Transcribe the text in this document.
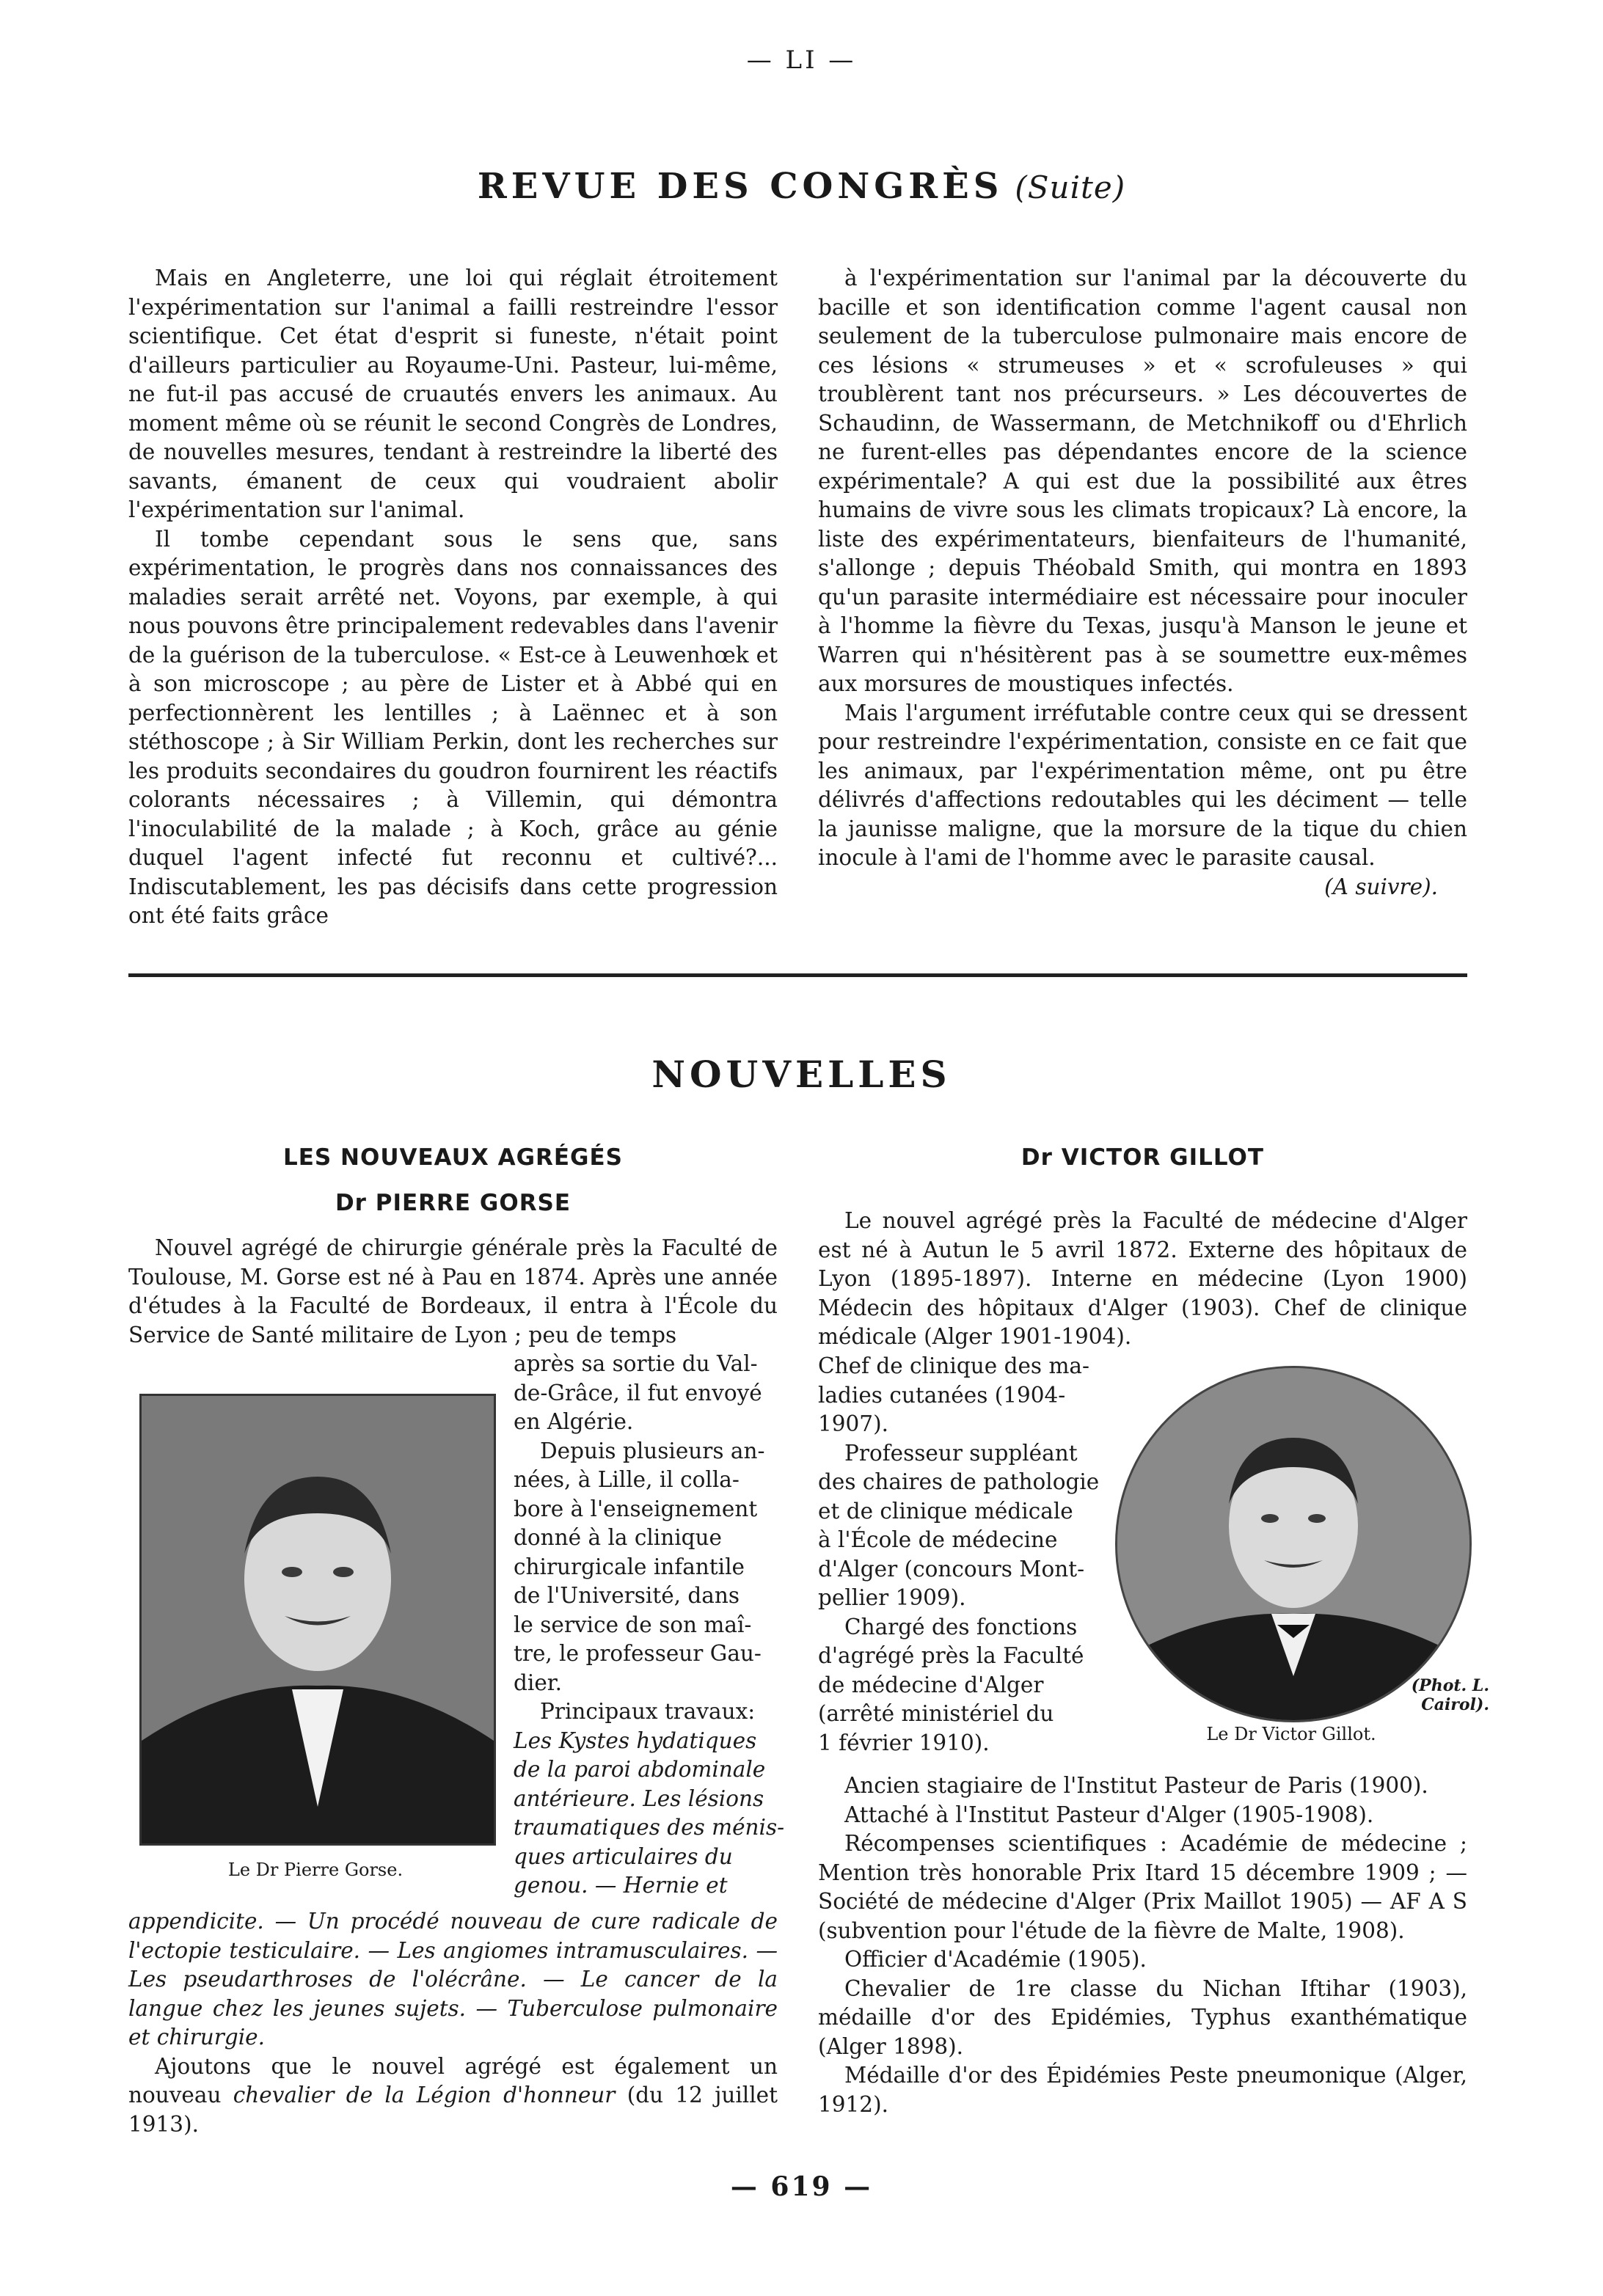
— LI —
REVUE DES CONGRÈS (Suite)

Mais en Angleterre, une loi qui réglait étroitement l'expérimentation sur l'animal a failli restreindre l'essor scientifique. Cet état d'esprit si funeste, n'était point d'ailleurs particulier au Royaume-Uni. Pasteur, lui-même, ne fut-il pas accusé de cruautés envers les animaux. Au moment même où se réunit le second Congrès de Londres, de nouvelles mesures, tendant à restreindre la liberté des savants, émanent de ceux qui voudraient abolir l'expérimentation sur l'animal.

Il tombe cependant sous le sens que, sans expérimentation, le progrès dans nos connaissances des maladies serait arrêté net. Voyons, par exemple, à qui nous pouvons être principalement redevables dans l'avenir de la guérison de la tuberculose. « Est-ce à Leuwenhœk et à son microscope ; au père de Lister et à Abbé qui en perfectionnèrent les lentilles ; à Laënnec et à son stéthoscope ; à Sir William Perkin, dont les recherches sur les produits secondaires du goudron fournirent les réactifs colorants nécessaires ; à Villemin, qui démontra l'inoculabilité de la malade ; à Koch, grâce au génie duquel l'agent infecté fut reconnu et cultivé?... Indiscutablement, les pas décisifs dans cette progression ont été faits grâce

à l'expérimentation sur l'animal par la découverte du bacille et son identification comme l'agent causal non seulement de la tuberculose pulmonaire mais encore de ces lésions « strumeuses » et « scrofuleuses » qui troublèrent tant nos précurseurs. » Les découvertes de Schaudinn, de Wassermann, de Metchnikoff ou d'Ehrlich ne furent-elles pas dépendantes encore de la science expérimentale? A qui est due la possibilité aux êtres humains de vivre sous les climats tropicaux? Là encore, la liste des expérimentateurs, bienfaiteurs de l'humanité, s'allonge ; depuis Théobald Smith, qui montra en 1893 qu'un parasite intermédiaire est nécessaire pour inoculer à l'homme la fièvre du Texas, jusqu'à Manson le jeune et Warren qui n'hésitèrent pas à se soumettre eux-mêmes aux morsures de moustiques infectés.

Mais l'argument irréfutable contre ceux qui se dressent pour restreindre l'expérimentation, consiste en ce fait que les animaux, par l'expérimentation même, ont pu être délivrés d'affections redoutables qui les déciment — telle la jaunisse maligne, que la morsure de la tique du chien inocule à l'ami de l'homme avec le parasite causal.

(A suivre).
NOUVELLES
LES NOUVEAUX AGRÉGÉS
Dr PIERRE GORSE

Nouvel agrégé de chirurgie générale près la Faculté de Toulouse, M. Gorse est né à Pau en 1874. Après une année d'études à la Faculté de Bordeaux, il entra à l'École du Service de Santé militaire de Lyon ; peu de temps

Le Dr Pierre Gorse.
après sa sortie du Val-
de-Grâce, il fut envoyé
en Algérie.
Depuis plusieurs an-
nées, à Lille, il colla-
bore à l'enseignement
donné à la clinique
chirurgicale infantile
de l'Université, dans
le service de son maî-
tre, le professeur Gau-
dier.
Principaux travaux:
Les Kystes hydatiques
de la paroi abdominale
antérieure. Les lésions
traumatiques des ménis-
ques articulaires du
genou. — Hernie et
appendicite. — Un procédé nouveau de cure radicale de l'ectopie testiculaire. — Les angiomes intramusculaires. — Les pseudarthroses de l'olécrâne. — Le cancer de la langue chez les jeunes sujets. — Tuberculose pulmonaire et chirurgie.

Ajoutons que le nouvel agrégé est également un nouveau chevalier de la Légion d'honneur (du 12 juillet 1913).

Dr VICTOR GILLOT

Le nouvel agrégé près la Faculté de médecine d'Alger est né à Autun le 5 avril 1872. Externe des hôpitaux de Lyon (1895-1897). Interne en médecine (Lyon 1900) Médecin des hôpitaux d'Alger (1903). Chef de clinique médicale (Alger 1901-1904).

(Phot. L. Cairol).
Le Dr Victor Gillot.
Chef de clinique des ma-
ladies cutanées (1904-
1907).
Professeur suppléant
des chaires de pathologie
et de clinique médicale
à l'École de médecine
d'Alger (concours Mont-
pellier 1909).
Chargé des fonctions
d'agrégé près la Faculté
de médecine d'Alger
(arrêté ministériel du
1 février 1910).

Ancien stagiaire de l'Institut Pasteur de Paris (1900).

Attaché à l'Institut Pasteur d'Alger (1905-1908).

Récompenses scientifiques : Académie de médecine ; Mention très honorable Prix Itard 15 décembre 1909 ; — Société de médecine d'Alger (Prix Maillot 1905) — AF A S (subvention pour l'étude de la fièvre de Malte, 1908).

Officier d'Académie (1905).

Chevalier de 1re classe du Nichan Iftihar (1903), médaille d'or des Epidémies, Typhus exanthématique (Alger 1898).

Médaille d'or des Épidémies Peste pneumonique (Alger, 1912).

— 619 —
